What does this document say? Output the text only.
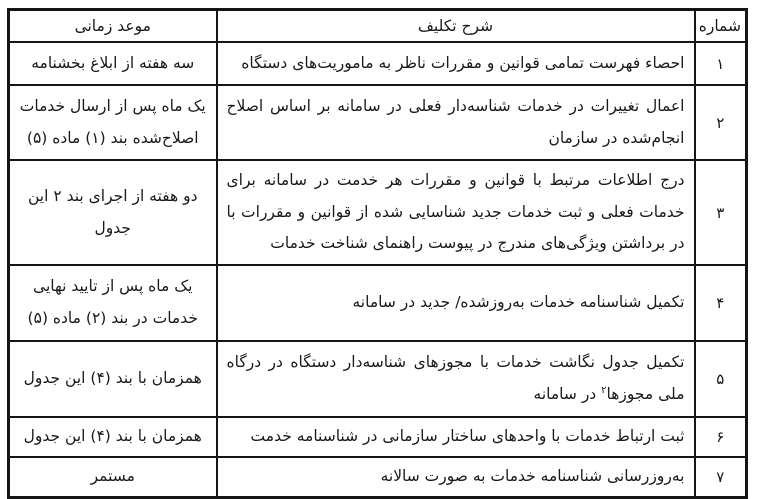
شماره	شرح تکلیف	موعد زمانی
۱	احصاء فهرست تمامی قوانین و مقررات ناظر به ماموریت‌های دستگاه	سه هفته از ابلاغ بخشنامه
۲	اعمال تغییرات در خدمات شناسه‌دار فعلی در سامانه بر اساس اصلاح انجام‌شده در سازمان	یک ماه پس از ارسال خدمات اصلاح‌شده بند (۱) ماده (۵)
۳	درج اطلاعات مرتبط با قوانین و مقررات هر خدمت در سامانه برای خدمات فعلی و ثبت خدمات جدید شناسایی شده از قوانین و مقررات با در برداشتن ویژگی‌های مندرج در پیوست راهنمای شناخت خدمات	دو هفته از اجرای بند ۲ این جدول
۴	تکمیل شناسنامه خدمات به‌روزشده/ جدید در سامانه	یک ماه پس از تایید نهایی خدمات در بند (۲) ماده (۵)
۵	تکمیل جدول نگاشت خدمات با مجوزهای شناسه‌دار دستگاه در درگاه ملی مجوزها$^۲$ در سامانه	همزمان با بند (۴) این جدول
۶	ثبت ارتباط خدمات با واحدهای ساختار سازمانی در شناسنامه خدمت	همزمان با بند (۴) این جدول
۷	به‌روزرسانی شناسنامه خدمات به صورت سالانه	مستمر
